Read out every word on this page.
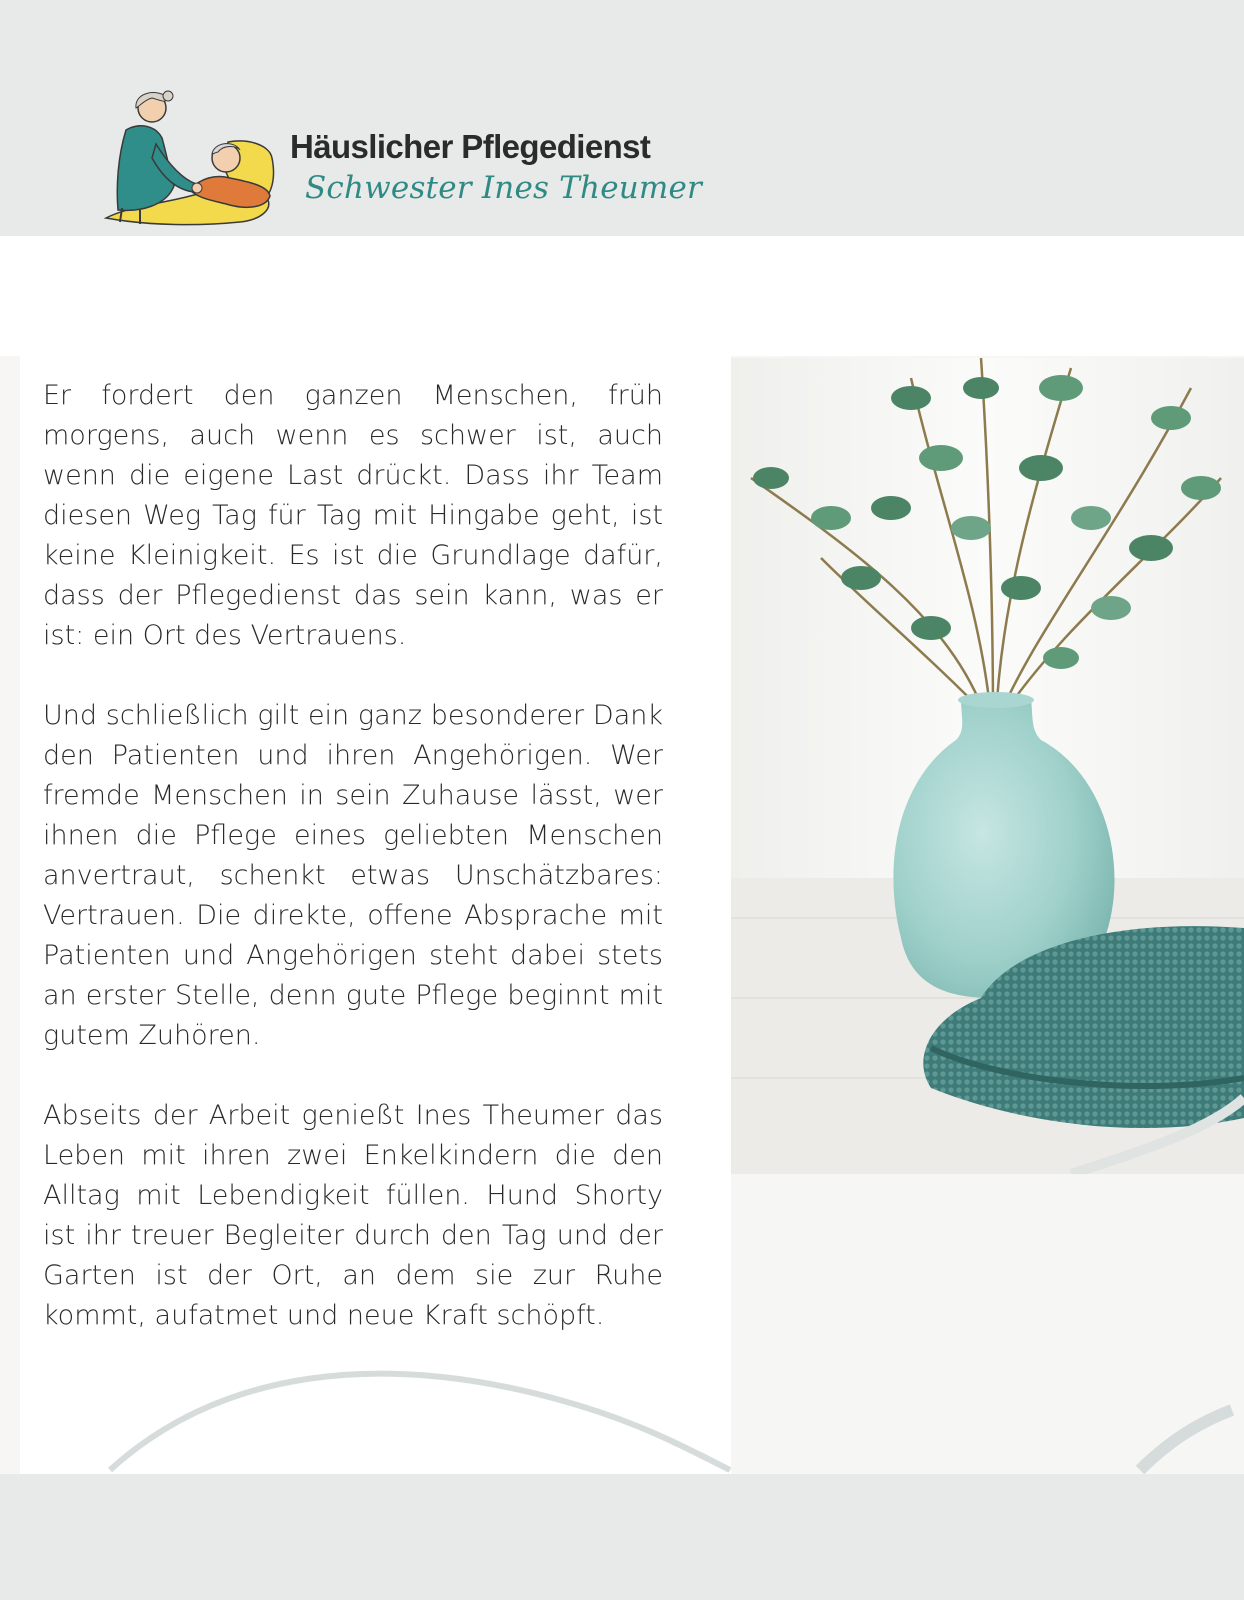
Häuslicher Pflegedienst
Schwester Ines Theumer

Er fordert den ganzen Menschen, früh morgens, auch wenn es schwer ist, auch wenn die eigene Last drückt. Dass ihr Team diesen Weg Tag für Tag mit Hingabe geht, ist keine Kleinigkeit. Es ist die Grundlage dafür, dass der Pflegedienst das sein kann, was er ist: ein Ort des Vertrauens.

Und schließlich gilt ein ganz besonderer Dank den Patienten und ihren Angehörigen. Wer fremde Menschen in sein Zuhause lässt, wer ihnen die Pflege eines geliebten Menschen anvertraut, schenkt etwas Unschätzbares: Vertrauen. Die direkte, offene Absprache mit Patienten und Angehörigen steht dabei stets an erster Stelle, denn gute Pflege beginnt mit gutem Zuhören.

Abseits der Arbeit genießt Ines Theumer das Leben mit ihren zwei Enkelkindern die den Alltag mit Lebendigkeit füllen. Hund Shorty ist ihr treuer Begleiter durch den Tag und der Garten ist der Ort, an dem sie zur Ruhe kommt, aufatmet und neue Kraft schöpft.
